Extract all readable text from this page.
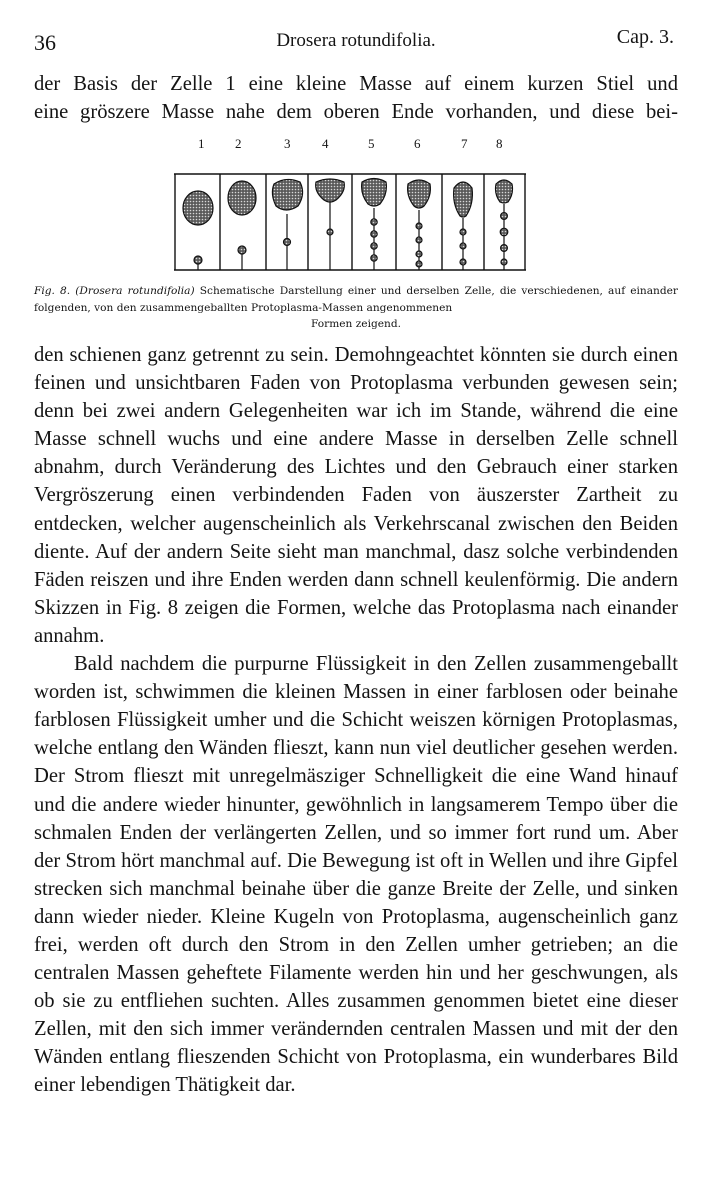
36	Drosera rotundifolia.	Cap. 3.

der Basis der Zelle 1 eine kleine Masse auf einem kurzen Stiel und

eine gröszere Masse nahe dem oberen Ende vorhanden, und diese bei-

1 2	3 4	5	6	7 8
Fig. 8. (Drosera rotundifolia) Schematische Darstellung einer und derselben Zelle, die verschiedenen, auf einander folgenden, von den zusammengeballten Protoplasma-Massen angenommenen
Formen zeigend.

den schienen ganz getrennt zu sein. Demohngeachtet könnten sie durch einen feinen und unsichtbaren Faden von Protoplasma verbunden gewesen sein; denn bei zwei andern Gelegenheiten war ich im Stande, während die eine Masse schnell wuchs und eine andere Masse in derselben Zelle schnell abnahm, durch Veränderung des Lichtes und den Gebrauch einer starken Vergröszerung einen verbindenden Faden von äuszerster Zartheit zu entdecken, welcher augenscheinlich als Verkehrscanal zwischen den Beiden diente. Auf der andern Seite sieht man manchmal, dasz solche verbindenden Fäden reiszen und ihre Enden werden dann schnell keulenförmig. Die andern Skizzen in Fig. 8 zeigen die Formen, welche das Protoplasma nach einander annahm.

Bald nachdem die purpurne Flüssigkeit in den Zellen zusammengeballt worden ist, schwimmen die kleinen Massen in einer farblosen oder beinahe farblosen Flüssigkeit umher und die Schicht weiszen körnigen Protoplasmas, welche entlang den Wänden flieszt, kann nun viel deutlicher gesehen werden. Der Strom flieszt mit unregelmäsziger Schnelligkeit die eine Wand hinauf und die andere wieder hinunter, gewöhnlich in langsamerem Tempo über die schmalen Enden der verlängerten Zellen, und so immer fort rund um. Aber der Strom hört manchmal auf. Die Bewegung ist oft in Wellen und ihre Gipfel strecken sich manchmal beinahe über die ganze Breite der Zelle, und sinken dann wieder nieder. Kleine Kugeln von Protoplasma, augenscheinlich ganz frei, werden oft durch den Strom in den Zellen umher getrieben; an die centralen Massen geheftete Filamente werden hin und her geschwungen, als ob sie zu entfliehen suchten. Alles zusammen genommen bietet eine dieser Zellen, mit den sich immer verändernden centralen Massen und mit der den Wänden entlang flieszenden Schicht von Protoplasma, ein wunderbares Bild einer lebendigen Thätigkeit dar.
